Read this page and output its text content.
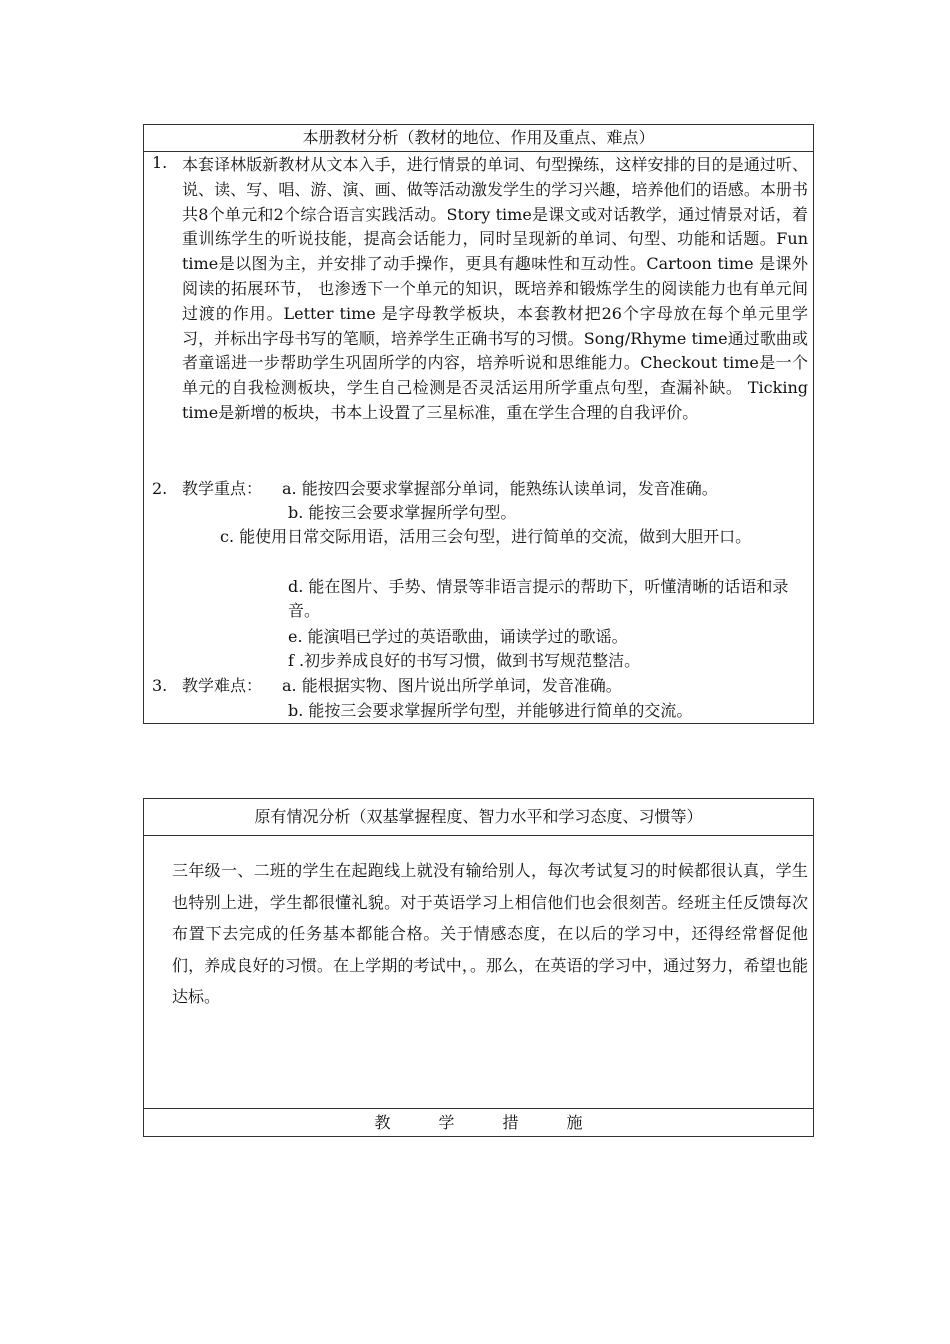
本册教材分析（教材的地位、作用及重点、难点）
1. 本套译林版新教材从文本入手，进行情景的单词、句型操练，这样安排的目的是通过听、说、读、写、唱、游、演、画、做等活动激发学生的学习兴趣，培养他们的语感。本册书共8个单元和2个综合语言实践活动。Story time是课文或对话教学，通过情景对话，着重训练学生的听说技能，提高会话能力，同时呈现新的单词、句型、功能和话题。Fun time是以图为主，并安排了动手操作，更具有趣味性和互动性。Cartoon time 是课外阅读的拓展环节， 也渗透下一个单元的知识，既培养和锻炼学生的阅读能力也有单元间过渡的作用。Letter time 是字母教学板块，本套教材把26个字母放在每个单元里学习，并标出字母书写的笔顺，培养学生正确书写的习惯。Song/Rhyme time通过歌曲或者童谣进一步帮助学生巩固所学的内容，培养听说和思维能力。Checkout time是一个单元的自我检测板块，学生自己检测是否灵活运用所学重点句型，查漏补缺。 Ticking time是新增的板块，书本上设置了三星标准，重在学生合理的自我评价。
2. 教学重点： a. 能按四会要求掌握部分单词，能熟练认读单词，发音准确。
b. 能按三会要求掌握所学句型。
c. 能使用日常交际用语，活用三会句型，进行简单的交流，做到大胆开口。
d. 能在图片、手势、情景等非语言提示的帮助下，听懂清晰的话语和录音。
e. 能演唱已学过的英语歌曲，诵读学过的歌谣。
f .初步养成良好的书写习惯，做到书写规范整洁。
3. 教学难点： a. 能根据实物、图片说出所学单词，发音准确。
b. 能按三会要求掌握所学句型，并能够进行简单的交流。
原有情况分析（双基掌握程度、智力水平和学习态度、习惯等）
三年级一、二班的学生在起跑线上就没有输给别人，每次考试复习的时候都很认真，学生也特别上进，学生都很懂礼貌。对于英语学习上相信他们也会很刻苦。经班主任反馈每次布置下去完成的任务基本都能合格。关于情感态度，在以后的学习中，还得经常督促他们，养成良好的习惯。在上学期的考试中，。那么，在英语的学习中，通过努力，希望也能达标。
教学措施
